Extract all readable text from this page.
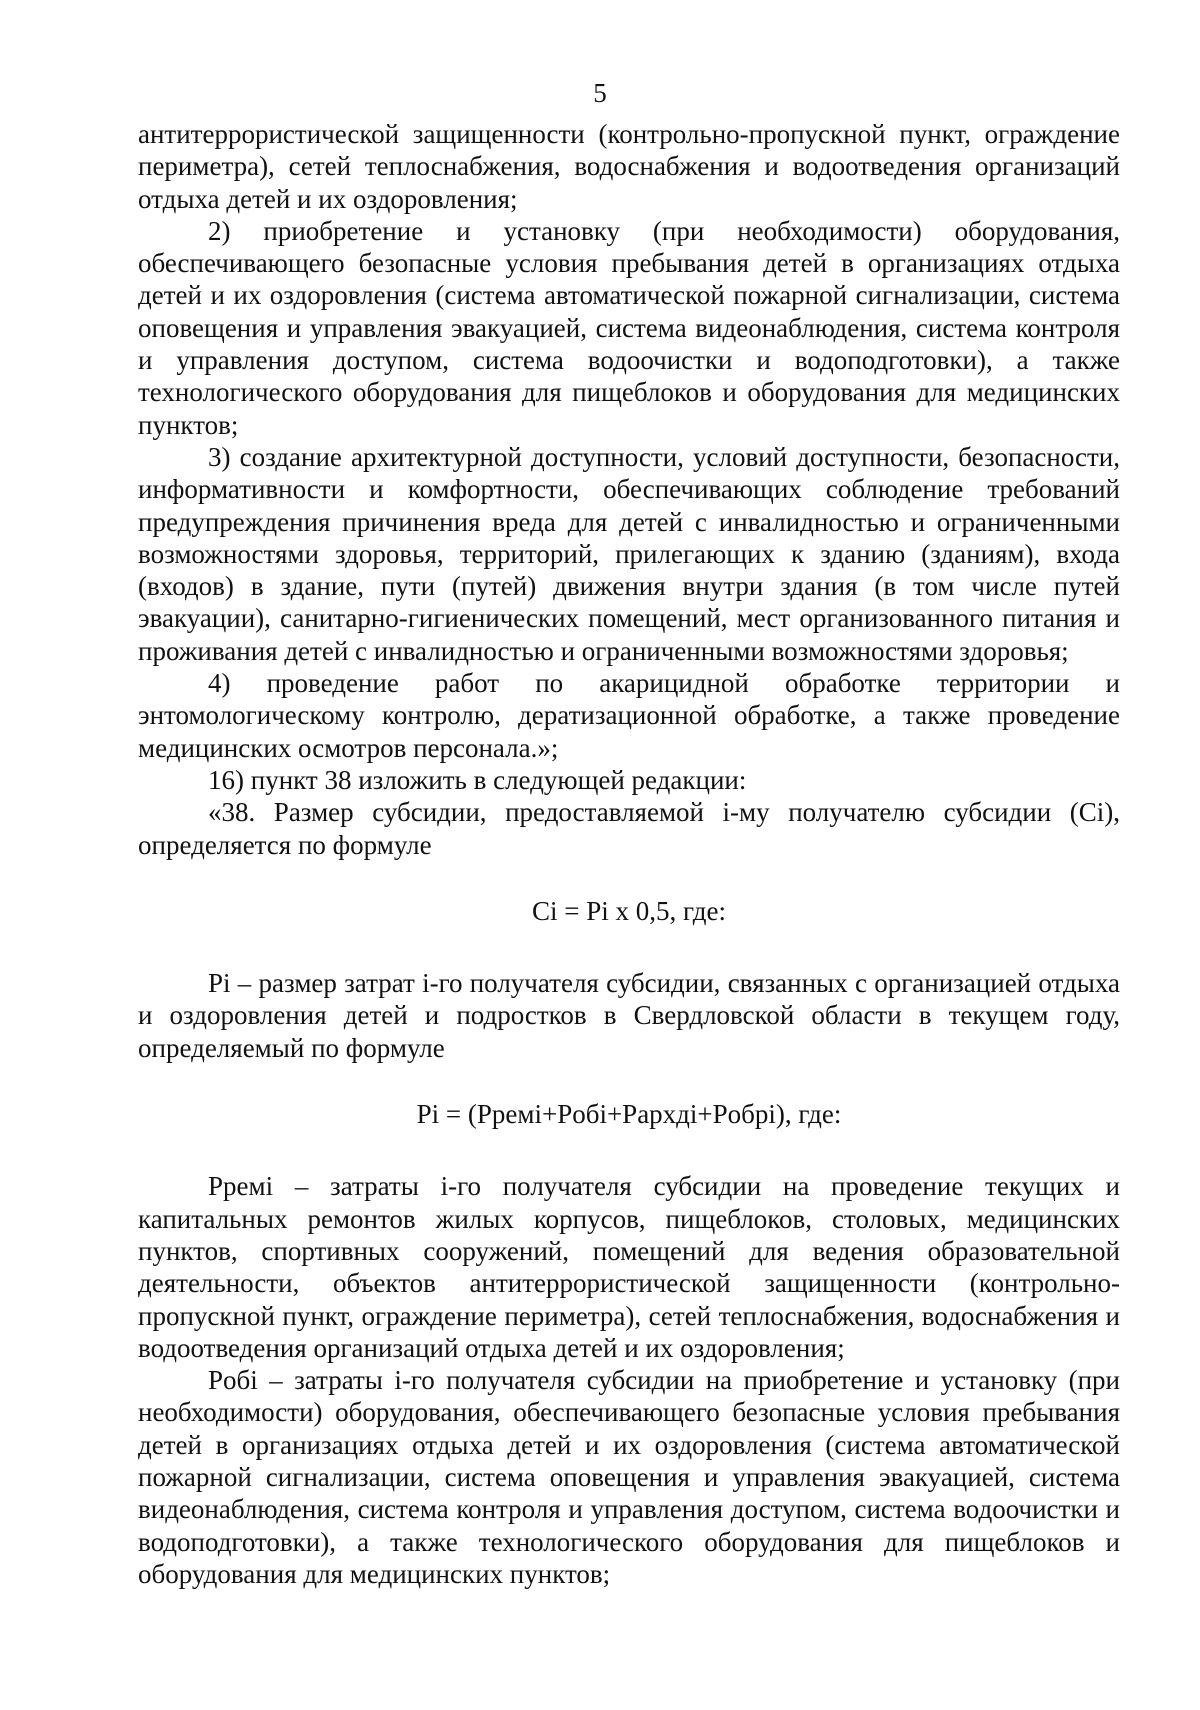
5

антитеррористической защищенности (контрольно-пропускной пункт, ограждение периметра), сетей теплоснабжения, водоснабжения и водоотведения организаций отдыха детей и их оздоровления;

2) приобретение и установку (при необходимости) оборудования, обеспечивающего безопасные условия пребывания детей в организациях отдыха детей и их оздоровления (система автоматической пожарной сигнализации, система оповещения и управления эвакуацией, система видеонаблюдения, система контроля и управления доступом, система водоочистки и водоподготовки), а также технологического оборудования для пищеблоков и оборудования для медицинских пунктов;

3) создание архитектурной доступности, условий доступности, безопасности, информативности и комфортности, обеспечивающих соблюдение требований предупреждения причинения вреда для детей с инвалидностью и ограниченными возможностями здоровья, территорий, прилегающих к зданию (зданиям), входа (входов) в здание, пути (путей) движения внутри здания (в том числе путей эвакуации), санитарно-гигиенических помещений, мест организованного питания и проживания детей с инвалидностью и ограниченными возможностями здоровья;

4) проведение работ по акарицидной обработке территории и энтомологическому контролю, дератизационной обработке, а также проведение медицинских осмотров персонала.»;

16) пункт 38 изложить в следующей редакции:

«38. Размер субсидии, предоставляемой i-му получателю субсидии (Ci), определяется по формуле

Ci = Pi x 0,5, где:

Pi – размер затрат i-го получателя субсидии, связанных с организацией отдыха и оздоровления детей и подростков в Свердловской области в текущем году, определяемый по формуле

Pi = (Ppемi+Pобi+Papxдi+Pобpi), где:

Pремi – затраты i-го получателя субсидии на проведение текущих и капитальных ремонтов жилых корпусов, пищеблоков, столовых, медицинских пунктов, спортивных сооружений, помещений для ведения образовательной деятельности, объектов антитеррористической защищенности (контрольно-пропускной пункт, ограждение периметра), сетей теплоснабжения, водоснабжения и водоотведения организаций отдыха детей и их оздоровления;

Pобi – затраты i-го получателя субсидии на приобретение и установку (при необходимости) оборудования, обеспечивающего безопасные условия пребывания детей в организациях отдыха детей и их оздоровления (система автоматической пожарной сигнализации, система оповещения и управления эвакуацией, система видеонаблюдения, система контроля и управления доступом, система водоочистки и водоподготовки), а также технологического оборудования для пищеблоков и оборудования для медицинских пунктов;
